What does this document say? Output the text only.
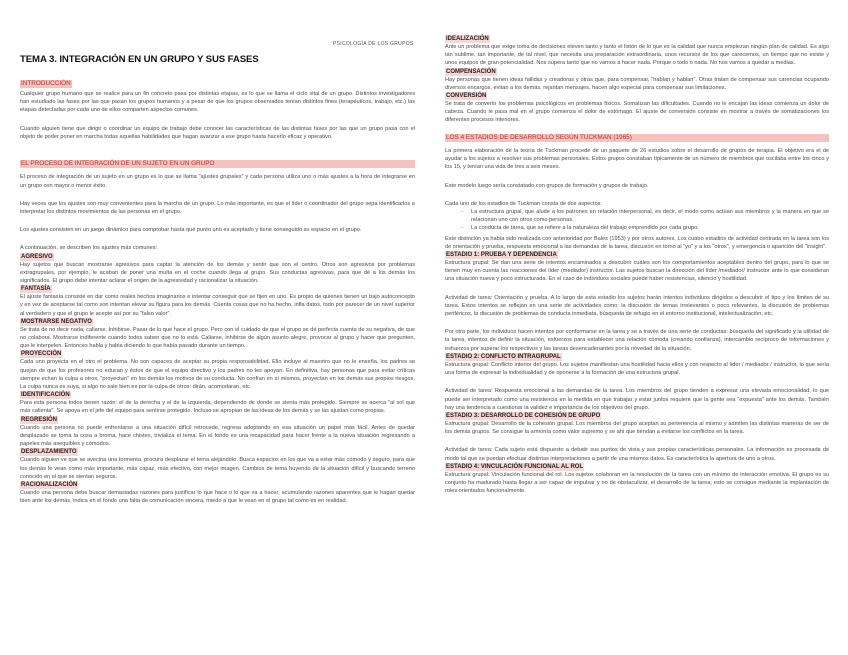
PSICOLOGÍA DE LOS GRUPOS
TEMA 3. INTEGRACIÓN EN UN GRUPO Y SUS FASES
INTRODUCCIÓN

Cualquier grupo humano que se realice para un fin concreto pasa por distintas etapas, es lo que se llama el ciclo vital de un grupo. Distintos investigadores han estudiado las fases por las que pasan los grupos humanos y a pesar de que los grupos observados tenían distintos fines (terapéuticos, trabajo, etc.) las etapas detectadas por cada uno de ellos comparten aspectos comunes.

Cuando alguien tiene que dirigir o coordinar un equipo de trabajo debe conocer las características de las distintas fases por las que un grupo pasa con el objeto de poder poner en marcha todas aquellas habilidades que hagan avanzar a ese grupo hasta hacerlo eficaz y operativo.

EL PROCESO DE INTEGRACIÓN DE UN SUJETO EN UN GRUPO

El proceso de integración de un sujeto en un grupo es lo que se llama "ajustes grupales" y cada persona utiliza uno o más ajustes a la hora de integrarse en un grupo con mayor o menor éxito.

Hay veces que los ajustes son muy convenientes para la marcha de un grupo. Lo más importante, es que el líder o coordinador del grupo sepa identificarlos e interpretar los distintos movimientos de las personas en el grupo.

Los ajustes consisten en un juego dinámico para comprobar hasta qué punto uno es aceptado y tiene conseguido su espacio en el grupo.

A continuación, se describen los ajustes más comunes:

AGRESIVO

Hay sujetos que buscan mostrarse agresivos para captar la atención de los demás y sentir que son el centro. Otros son agresivos por problemas extragrupales, por ejemplo, le acaban de poner una multa en el coche cuando llega al grupo. Sus conductas agresivas, para que dé a los demás los significados. El grupo debe intentar aclarar el origen de la agresividad y racionalizar la situación.

FANTASÍA

El ajuste fantasía consiste en dar como reales hechos imaginarios e intentar conseguir que se fijen en uno. Es propio de quienes tienen un bajo autoconcepto y en vez de aceptarse tal como son intentan elevar su figura para los demás. Cuenta cosas que no ha hecho, infla datos, todo por parecer de un nivel superior al verdadero y que el grupo le acepte así por su "falso valor".

MOSTRARSE NEGATIVO

Se trata de no decir nada, callarse. Inhibirse. Pasar de lo que hace el grupo. Pero con el cuidado de que el grupo se dé perfecta cuenta de su negativa, de que no colabora. Mostrarse indiferente cuando todos saben que no lo está. Callarse, inhibirse de algún asunto alegre, provocar al grupo y hacer que pregunten, que le interpelen. Entonces habla y habla diciendo lo que había pasado durante un tiempo.

PROYECCIÓN

Cada uno proyecta en el otro el problema. No son capaces de aceptar su propia responsabilidad. Ello incluye al maestro que no le enseña, los padres se quejan de que los profesores no educan y éstos de que el equipo directivo y los padres no les apoyan. En definitiva, hay personas que para evitar críticas siempre echan la culpa a otros, "proyectan" en los demás los motivos de su conducta. No confían en sí mismos, proyectan en los demás sus propios riesgos. La culpa nunca es suya, si algo no sale bien es por la culpa de otros: dirán, acomodaran, etc.

IDENTIFICACIÓN

Para esta persona todos tienen razón: el de la derecha y el de la izquierda, dependiendo de donde se sienta más protegido. Siempre se acerca "al sol que más calienta". Se apoya en el jefe del equipo para sentirse protegido. Incluso se apropian de las ideas de los demás y se las ajustan como propias.

REGRESIÓN

Cuando una persona no puede enfrentarse a una situación difícil retrocede, regresa adoptando en esa situación un papel más fácil. Antes de quedar desplazado se torna la cosa a broma, hace chistes, trivializa el tema. En el fondo es una incapacidad para hacer frente a la nueva situación regresando a papeles más asequibles y cómodos.

DESPLAZAMIENTO

Cuando alguien ve que se avecina una tormenta, procura desplazar el tema alejándolo. Busca espacios en los que va a estar más cómodo y seguro, para que los demás le vean como más importante, más capaz, más efectivo, con mejor imagen. Cambios de tema huyendo de la situación difícil y buscando terreno conocido en el que se sientan seguros.

RACIONALIZACIÓN

Cuando una persona debe buscar demasiadas razones para justificar lo que hace o lo que va a hacer, acumulando razones aparentes que le hagan quedar bien ante los demás, indica en el fondo una falta de comunicación sincera, miedo a que le vean en el grupo tal como es en realidad.

IDEALIZACIÓN

Ante un problema que exige toma de decisiones eleven tanto y tanto el listón de lo que es la calidad que nunca empiezan ningún plan de calidad. Es algo tan sublime, tan importante, de tal nivel, que necesita una preparación extraordinaria, unos recursos de los que carecemos, un tiempo que no existe y unos equipos de gran potencialidad. Nos supera tanto que no vamos a hacer nada. Porque o todo o nada. No nos vamos a quedar a medias.

COMPENSACIÓN

Hay personas que tienen ideas fallidas y creadoras y otras que, para compensar, "hablan y hablan". Otras tratan de compensar sus carencias ocupando diversos encargos, evitan a los demás, rejantan mensajes, hacen algo especial para compensar sus limitaciones.

CONVERSIÓN

Se trata de convertir los problemas psicológicos en problemas físicos. Somatizan las dificultades. Cuando no le encajan las ideas comienza un dolor de cabeza. Cuando le pasa mal en el grupo comienza el dolor de estómago. El ajuste de conversión consiste en mostrar a través de somatizaciones los diferentes procesos interiores.

LOS 4 ESTADIOS DE DESARROLLO SEGÚN TUCKMAN (1965)

La primera elaboración de la teoría de Tuckman procede de un paquete de 26 estudios sobre el desarrollo de grupos de terapia. El objetivo era el de ayudar a los sujetos a resolver sus problemas personales. Estos grupos constaban típicamente de un número de miembros que oscilaba entre los cinco y los 15, y tenían una vida de tres a seis meses.

Este modelo luego sería constatado con grupos de formación y grupos de trabajo.

Cada uno de los estadios de Tuckman consta de dos aspectos:

- La estructura grupal, que alude a los patrones en relación interpersonal, es decir, el modo como actúan sus miembros y la manera en que se relacionan uno con otros como personas.
- La conducta de tarea, que se refiere a la naturaleza del trabajo emprendido por cada grupo.

Este distinción ya había sido realizada con anterioridad por Bales (1953) y por otros autores. Los cuatro estadios de actividad centrada en la tarea son los de orientación y prueba, respuesta emocional a las demandas de la tarea, discusión en torno al "yo" y a los "otros", y emergencia o aparición del "insight".

ESTADIO 1: PRUEBA Y DEPENDENCIA

Estructura grupal: Se dan una serie de intentos encaminados a descubrir cuáles son los comportamientos aceptables dentro del grupo, para lo que se tienen muy en cuenta las reacciones del líder (mediador) instructor. Las sujetos buscan la dirección del líder /mediador/ instructor ante lo que consideran una situación nueva y poco estructurada. En el caso de individuos sociales puede haber resistencias, silencio y hostilidad.

Actividad de tarea: Orientación y prueba. A lo largo de esta estadio los sujetos harán intentos individuos dirigidos a descubrir el tipo y los límites de su tarea. Estos intentos se reflejan en una serie de actividades como: la discusión de temas irrelevantes o poco relevantes, la discusión de problemas periféricos, la discusión de problemas de conducta inmediata, búsqueda de refugio en el entorno institucional, intelectualización, etc.

Por otra parte, los individuos hacen intentos por conformarse en la tarea y se a través de una serie de conductas: búsqueda del significado y la utilidad de la tarea, intentos de definir la situación, esfuerzos para establecer una relación cómoda (creando confianza), intercambio recíproco de informaciones y esfuerzos por superar los respectivos y las tareas desencadenantes por la novedad de la situación.

ESTADIO 2: CONFLICTO INTRAGRUPAL

Estructura grupal: Conflicto interior del grupo. Los sujetos manifiestan una hostilidad hacia ellos y con respecto al líder / mediador / instructor, lo que sería una forma de expresar la individualidad y de oponerse a la formación de una estructura grupal.

Actividad de tarea: Respuesta emocional a las demandas de la tarea. Los miembros del grupo tienden a expresar una elevada emocionalidad, lo que puede ser interpretado como una resistencia en la medida en que trabajar y estar juntos requiere que la gente sea "expuesta" ante los demás. También hay una tendencia a cuestionar la validez e importancia de los objetivos del grupo.

ESTADIO 3: DESARROLLO DE COHESIÓN DE GRUPO

Estructura grupal: Desarrollo de la cohesión grupal. Los miembros del grupo aceptan su pertenencia al mismo y admiten las distintas maneras de ser de los demás grupos. Se consigue la armonía como valor supremo y se ahí que tiendan a evitarse los conflictos en la tarea.

Actividad de tarea: Cada sujeto está dispuesto a debatir sus puntos de vista y sus propias características personales. La información es procesada de modo tal que se puedan efectuar distintas interpretaciones a partir de una mismos datos. Es característica la apertura de uno a otros.

ESTADIO 4: VINCULACIÓN FUNCIONAL AL ROL

Estructura grupal: Vinculación funcional del rol. Los sujetos colaboran en la resolución de la tarea con un mínimo de interacción emotiva. El grupo es su conjunto ha madurado hasta llegar a ser capaz de impulsar y no de obstaculizar, el desarrollo de la tarea; esto se consigue mediante la implantación de roles orientados funcionalmente.
